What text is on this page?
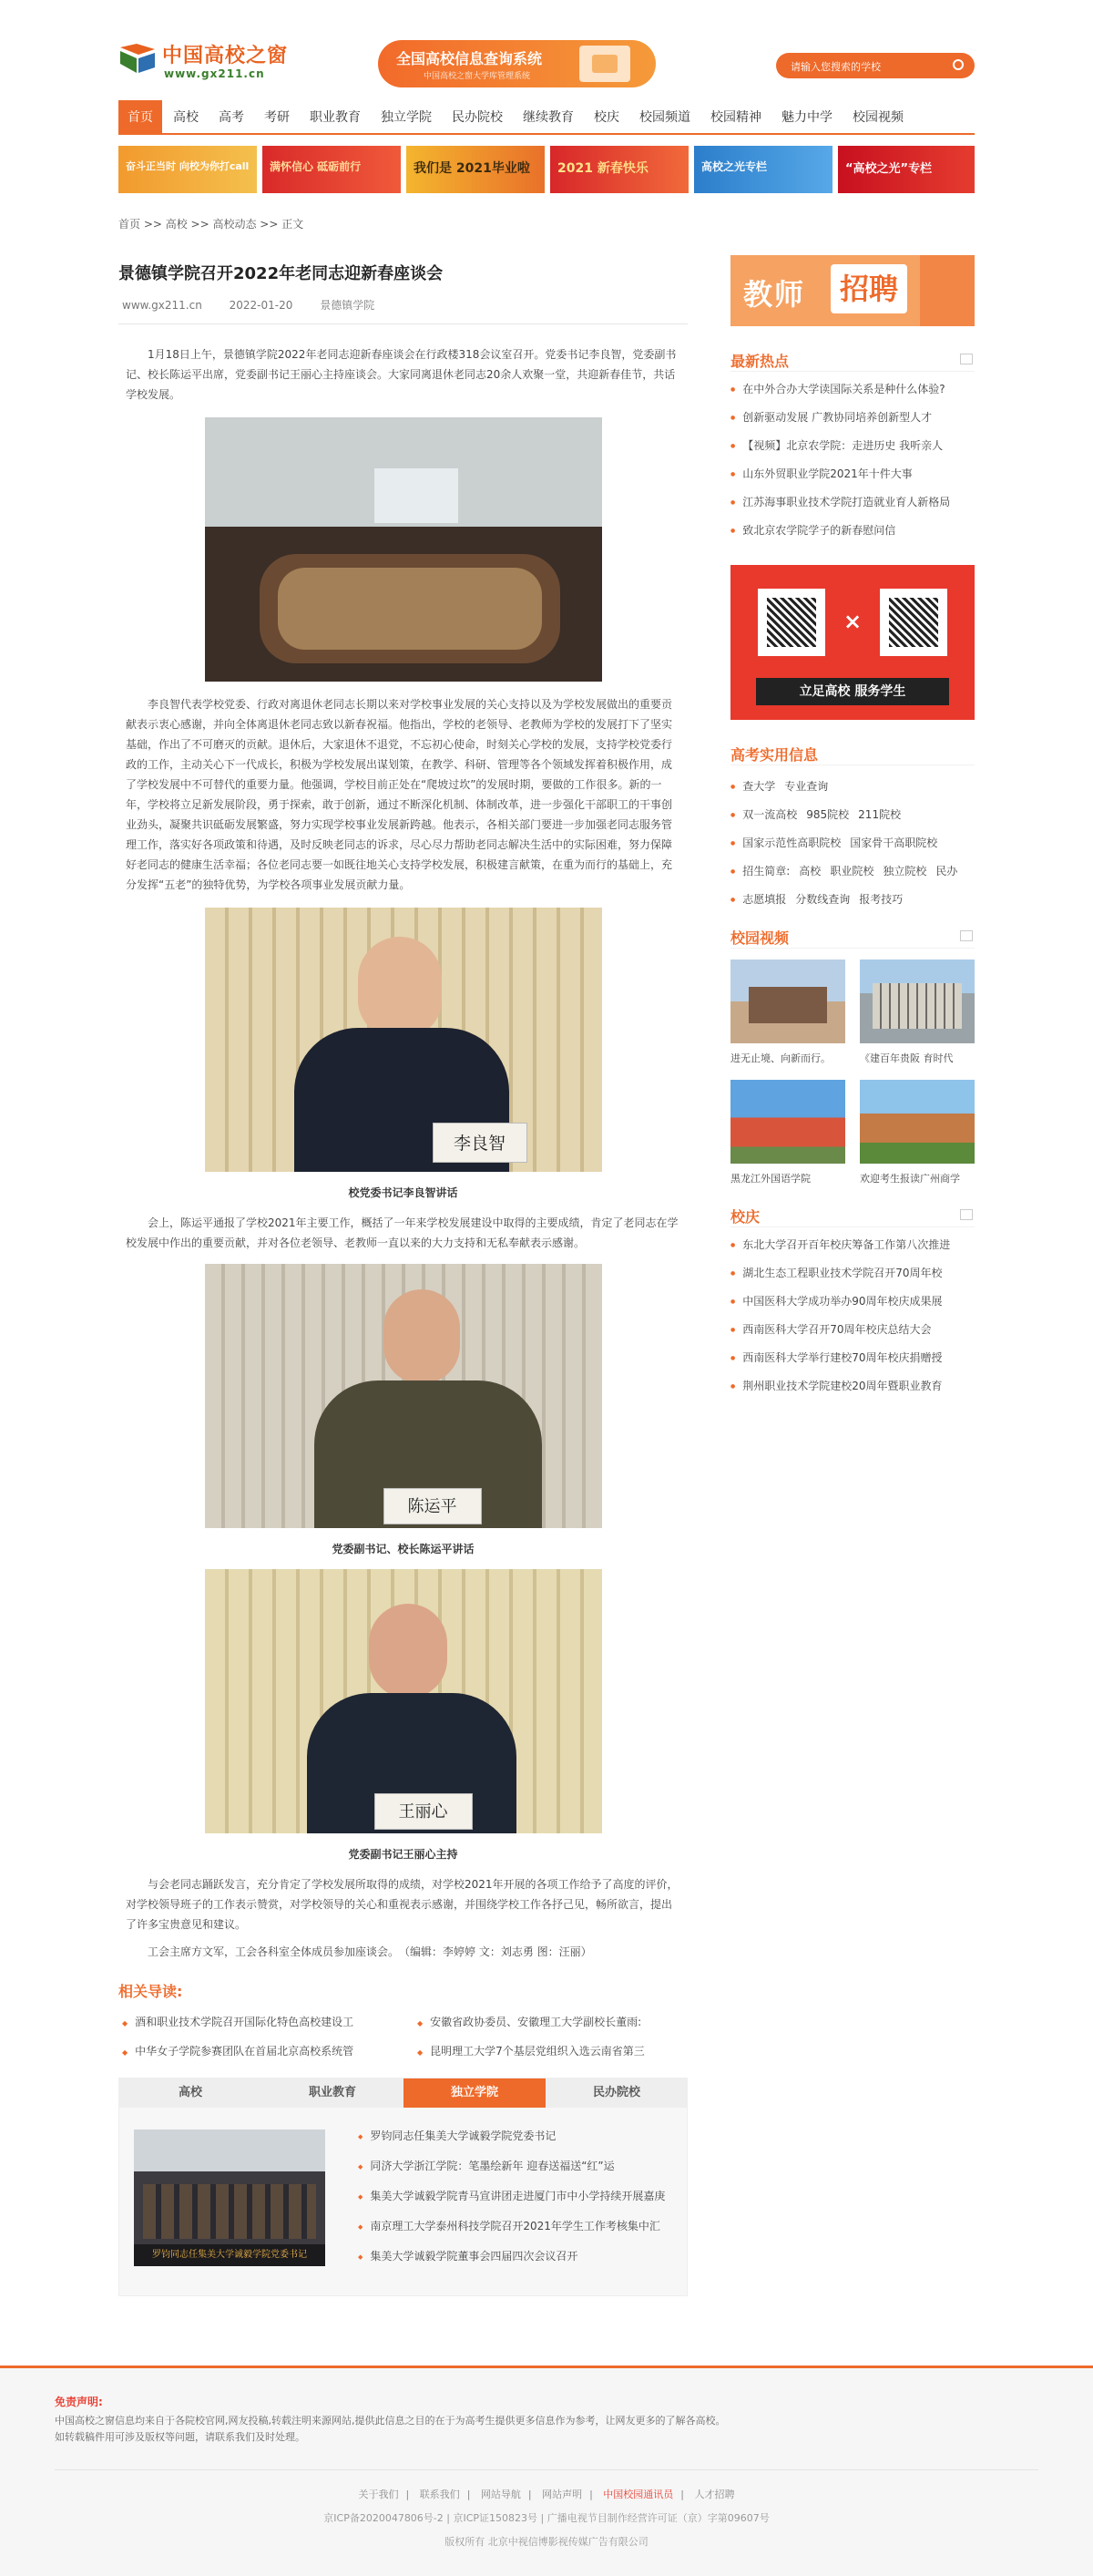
中国高校之窗
www.gx211.cn
全国高校信息查询系统
中国高校之窗大学库管理系统
请输入您搜索的学校
首页 高校 高考 考研 职业教育 独立学院 民办院校 继续教育 校庆 校园频道 校园精神 魅力中学 校园视频
奋斗正当时 向校为你打call 满怀信心 砥砺前行	我们是 2021毕业啦 2021 新春快乐	高校之光专栏	“高校之光”专栏
首页 >> 高校 >> 高校动态 >> 正文
景德镇学院召开2022年老同志迎新春座谈会
www.gx211.cn 2022-01-20 景德镇学院

1月18日上午，景德镇学院2022年老同志迎新春座谈会在行政楼318会议室召开。党委书记李良智，党委副书记、校长陈运平出席，党委副书记王丽心主持座谈会。大家同离退休老同志20余人欢聚一堂，共迎新春佳节，共话学校发展。

李良智代表学校党委、行政对离退休老同志长期以来对学校事业发展的关心支持以及为学校发展做出的重要贡献表示衷心感谢，并向全体离退休老同志致以新春祝福。他指出，学校的老领导、老教师为学校的发展打下了坚实基础，作出了不可磨灭的贡献。退休后，大家退休不退党，不忘初心使命，时刻关心学校的发展，支持学校党委行政的工作，主动关心下一代成长，积极为学校发展出谋划策，在教学、科研、管理等各个领域发挥着积极作用，成了学校发展中不可替代的重要力量。他强调，学校目前正处在“爬坡过坎”的发展时期，要做的工作很多。新的一年，学校将立足新发展阶段，勇于探索，敢于创新，通过不断深化机制、体制改革，进一步强化干部职工的干事创业劲头，凝聚共识砥砺发展繁盛，努力实现学校事业发展新跨越。他表示，各相关部门要进一步加强老同志服务管理工作，落实好各项政策和待遇，及时反映老同志的诉求，尽心尽力帮助老同志解决生活中的实际困难，努力保障好老同志的健康生活幸福；各位老同志要一如既往地关心支持学校发展，积极建言献策，在重为而行的基础上，充分发挥“五老”的独特优势，为学校各项事业发展贡献力量。

李良智
校党委书记李良智讲话

会上，陈运平通报了学校2021年主要工作，概括了一年来学校发展建设中取得的主要成绩，肯定了老同志在学校发展中作出的重要贡献，并对各位老领导、老教师一直以来的大力支持和无私奉献表示感谢。

陈运平
党委副书记、校长陈运平讲话
王丽心
党委副书记王丽心主持

与会老同志踊跃发言，充分肯定了学校发展所取得的成绩，对学校2021年开展的各项工作给予了高度的评价，对学校领导班子的工作表示赞赏，对学校领导的关心和重视表示感谢，并围绕学校工作各抒己见，畅所欲言，提出了许多宝贵意见和建议。

工会主席方文军，工会各科室全体成员参加座谈会。　（编辑：李婷婷 文：刘志勇 图：汪丽）

相关导读:
◆ 酒和职业技术学院召开国际化特色高校建设工	◆ 安徽省政协委员、安徽理工大学副校长董雨:
◆ 中华女子学院参赛团队在首届北京高校系统管	◆ 昆明理工大学7个基层党组织入选云南省第三
高校	职业教育	独立学院	民办院校
罗钧同志任集美大学诚毅学院党委书记
◆ 罗钧同志任集美大学诚毅学院党委书记
◆ 同济大学浙江学院：笔墨绘新年 迎春送福送“红”运
◆ 集美大学诚毅学院青马宣讲团走进厦门市中小学持续开展嘉庚
◆ 南京理工大学泰州科技学院召开2021年学生工作考核集中汇
◆ 集美大学诚毅学院董事会四届四次会议召开
教师	招聘
最新热点
● 在中外合办大学读国际关系是种什么体验?
● 创新驱动发展 广教协同培养创新型人才
● 【视频】北京农学院：走进历史 我听亲人
● 山东外贸职业学院2021年十件大事
● 江苏海事职业技术学院打造就业育人新格局
● 致北京农学院学子的新春慰问信
×
立足高校 服务学生
高考实用信息
● 查大学 专业查询
● 双一流高校 985院校 211院校
● 国家示范性高职院校 国家骨干高职院校
● 招生简章: 高校 职业院校 独立院校 民办
● 志愿填报 分数线查询 报考技巧
校园视频
进无止境、向新而行。	《建百年贵阪 育时代
黑龙江外国语学院	欢迎考生报读广州商学
校庆
● 东北大学召开百年校庆筹备工作第八次推进
● 湖北生态工程职业技术学院召开70周年校
● 中国医科大学成功举办90周年校庆成果展
● 西南医科大学召开70周年校庆总结大会
● 西南医科大学举行建校70周年校庆捐赠授
● 荆州职业技术学院建校20周年暨职业教育
免责声明:
中国高校之窗信息均来自于各院校官网,网友投稿,转载注明来源网站,提供此信息之目的在于为高考生提供更多信息作为参考，让网友更多的了解各高校。
如转载稿件用可涉及版权等问题，请联系我们及时处理。
关于我们 | 联系我们 | 网站导航 | 网站声明 | 中国校园通讯员 | 人才招聘
京ICP备2020047806号-2 | 京ICP证150823号 | 广播电视节目制作经营许可证（京）字第09607号
版权所有 北京中视信博影视传媒广告有限公司
